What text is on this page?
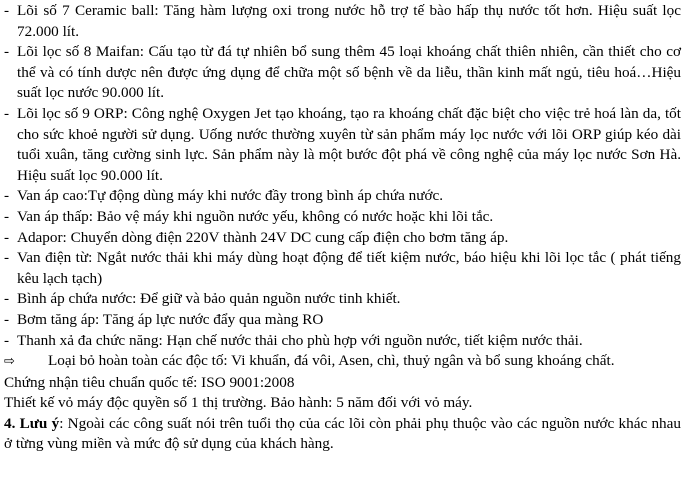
- Lõi số 7 Ceramic ball: Tăng hàm lượng oxi trong nước hỗ trợ tế bào hấp thụ nước tốt hơn. Hiệu suất lọc 72.000 lít.
- Lõi lọc số 8 Maifan: Cấu tạo từ đá tự nhiên bổ sung thêm 45 loại khoáng chất thiên nhiên, cần thiết cho cơ thể và có tính dược nên được ứng dụng để chữa một số bệnh về da liễu, thần kinh mất ngủ, tiêu hoá…Hiệu suất lọc nước 90.000 lít.
- Lõi lọc số 9 ORP: Công nghệ Oxygen Jet tạo khoáng, tạo ra khoáng chất đặc biệt cho việc trẻ hoá làn da, tốt cho sức khoẻ người sử dụng. Uống nước thường xuyên từ sản phẩm máy lọc nước với lõi ORP giúp kéo dài tuổi xuân, tăng cường sinh lực. Sản phẩm này là một bước đột phá về công nghệ của máy lọc nước Sơn Hà. Hiệu suất lọc 90.000 lít.
- Van áp cao:Tự động dùng máy khi nước đầy trong bình áp chứa nước.
- Van áp thấp: Bảo vệ máy khi nguồn nước yếu, không có nước hoặc khi lõi tắc.
- Adapor: Chuyển dòng điện 220V thành 24V DC cung cấp điện cho bơm tăng áp.
- Van điện từ: Ngắt nước thải khi máy dùng hoạt động để tiết kiệm nước, báo hiệu khi lõi lọc tắc ( phát tiếng kêu lạch tạch)
- Bình áp chứa nước: Để giữ và bảo quản nguồn nước tinh khiết.
- Bơm tăng áp: Tăng áp lực nước đẩy qua màng RO
- Thanh xả đa chức năng: Hạn chế nước thải cho phù hợp với nguồn nước, tiết kiệm nước thải.
⇨ Loại bỏ hoàn toàn các độc tố: Vi khuẩn, đá vôi, Asen, chì, thuỷ ngân và bổ sung khoáng chất.
Chứng nhận tiêu chuẩn quốc tế: ISO 9001:2008
Thiết kế vỏ máy độc quyền số 1 thị trường. Bảo hành: 5 năm đối với vỏ máy.
4. Lưu ý: Ngoài các công suất nói trên tuổi thọ của các lõi còn phải phụ thuộc vào các nguồn nước khác nhau ở từng vùng miền và mức độ sử dụng của khách hàng.
